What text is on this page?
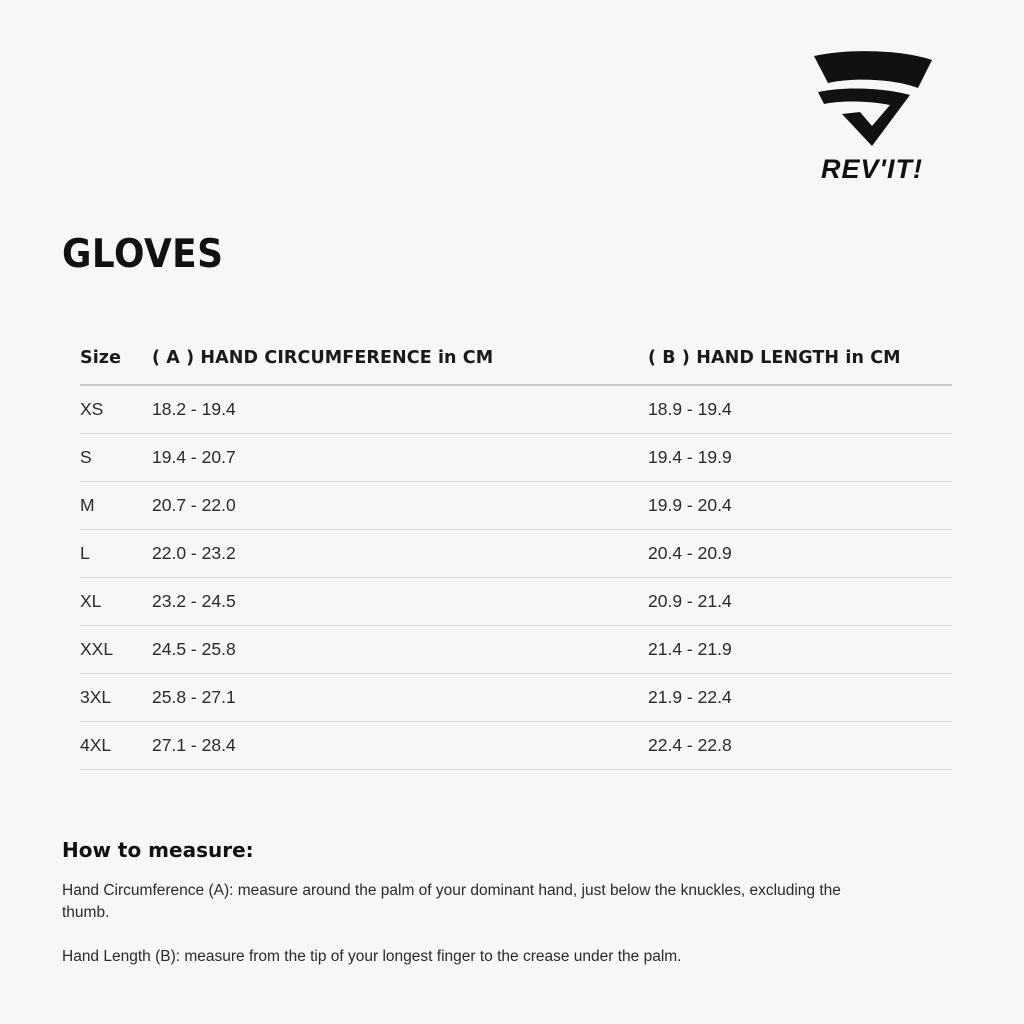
REV'IT!
GLOVES
Size	( A ) HAND CIRCUMFERENCE in CM	( B ) HAND LENGTH in CM
XS	18.2 - 19.4	18.9 - 19.4
S	19.4 - 20.7	19.4 - 19.9
M	20.7 - 22.0	19.9 - 20.4
L	22.0 - 23.2	20.4 - 20.9
XL	23.2 - 24.5	20.9 - 21.4
XXL	24.5 - 25.8	21.4 - 21.9
3XL	25.8 - 27.1	21.9 - 22.4
4XL	27.1 - 28.4	22.4 - 22.8
How to measure:

Hand Circumference (A): measure around the palm of your dominant hand, just below the knuckles, excluding the thumb.

Hand Length (B): measure from the tip of your longest finger to the crease under the palm.
